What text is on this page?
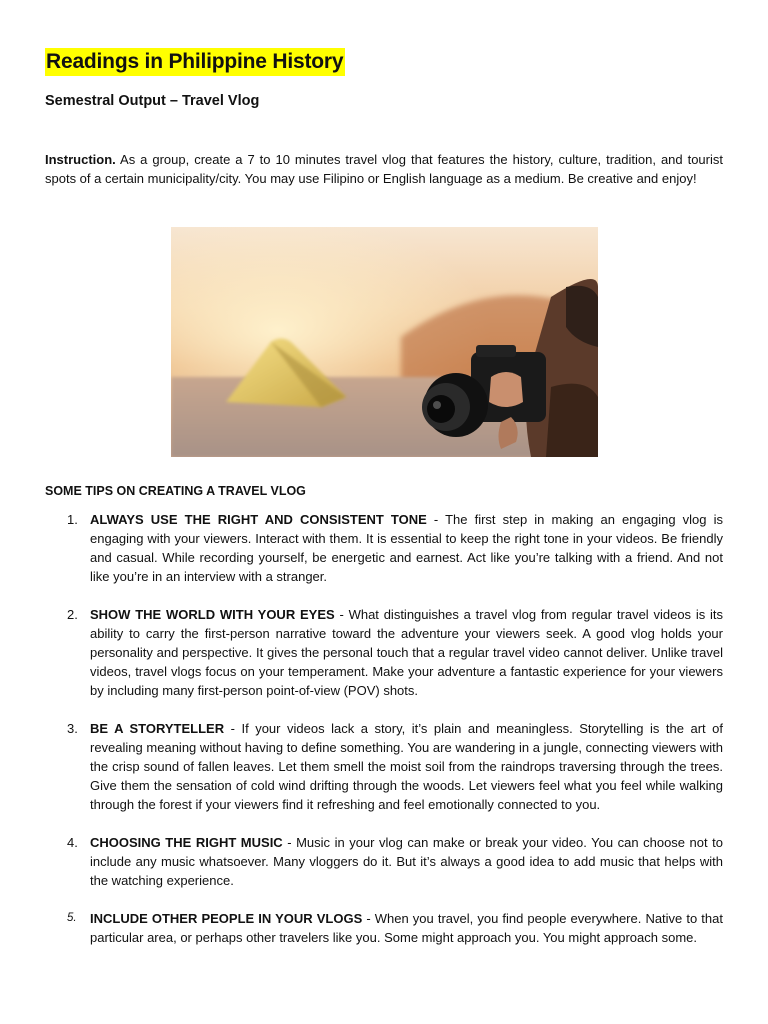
Readings in Philippine History
Semestral Output – Travel Vlog

Instruction. As a group, create a 7 to 10 minutes travel vlog that features the history, culture, tradition, and tourist spots of a certain municipality/city. You may use Filipino or English language as a medium. Be creative and enjoy!

SOME TIPS ON CREATING A TRAVEL VLOG
1. ALWAYS USE THE RIGHT AND CONSISTENT TONE - The first step in making an engaging vlog is engaging with your viewers. Interact with them. It is essential to keep the right tone in your videos. Be friendly and casual. While recording yourself, be energetic and earnest. Act like you’re talking with a friend. And not like you’re in an interview with a stranger.
2. SHOW THE WORLD WITH YOUR EYES - What distinguishes a travel vlog from regular travel videos is its ability to carry the first-person narrative toward the adventure your viewers seek. A good vlog holds your personality and perspective. It gives the personal touch that a regular travel video cannot deliver. Unlike travel videos, travel vlogs focus on your temperament. Make your adventure a fantastic experience for your viewers by including many first-person point-of-view (POV) shots.
3. BE A STORYTELLER - If your videos lack a story, it’s plain and meaningless. Storytelling is the art of revealing meaning without having to define something. You are wandering in a jungle, connecting viewers with the crisp sound of fallen leaves. Let them smell the moist soil from the raindrops traversing through the trees. Give them the sensation of cold wind drifting through the woods. Let viewers feel what you feel while walking through the forest if your viewers find it refreshing and feel emotionally connected to you.
4. CHOOSING THE RIGHT MUSIC - Music in your vlog can make or break your video. You can choose not to include any music whatsoever. Many vloggers do it. But it’s always a good idea to add music that helps with the watching experience.
5.	INCLUDE OTHER PEOPLE IN YOUR VLOGS - When you travel, you find people everywhere. Native to that particular area, or perhaps other travelers like you. Some might approach you. You might approach some.
